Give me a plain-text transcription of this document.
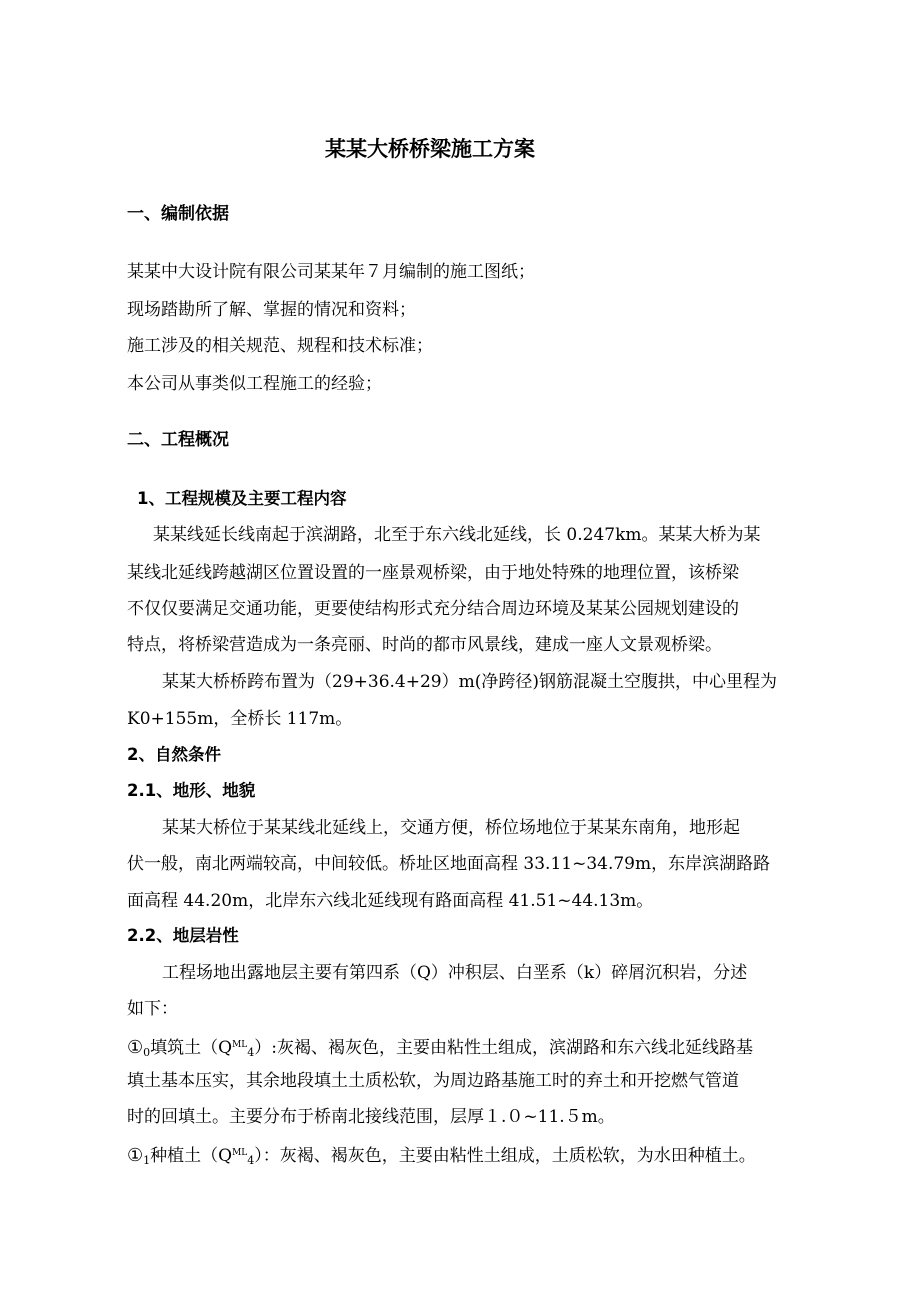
某某大桥桥梁施工方案
一、编制依据
某某中大设计院有限公司某某年７月编制的施工图纸；
现场踏勘所了解、掌握的情况和资料；
施工涉及的相关规范、规程和技术标准；
本公司从事类似工程施工的经验；
二、工程概况
1、工程规模及主要工程内容
某某线延长线南起于滨湖路，北至于东六线北延线，长 0.247km。某某大桥为某
某线北延线跨越湖区位置设置的一座景观桥梁，由于地处特殊的地理位置，该桥梁
不仅仅要满足交通功能，更要使结构形式充分结合周边环境及某某公园规划建设的
特点，将桥梁营造成为一条亮丽、时尚的都市风景线，建成一座人文景观桥梁。
某某大桥桥跨布置为（29+36.4+29）m(净跨径)钢筋混凝土空腹拱，中心里程为
K0+155m，全桥长 117m。
2、自然条件
2.1、地形、地貌
某某大桥位于某某线北延线上，交通方便，桥位场地位于某某东南角，地形起
伏一般，南北两端较高，中间较低。桥址区地面高程 33.11~34.79m，东岸滨湖路路
面高程 44.20m，北岸东六线北延线现有路面高程 41.51~44.13m。
2.2、地层岩性
工程场地出露地层主要有第四系（Q）冲积层、白垩系（k）碎屑沉积岩，分述
如下：
$①_0$填筑土$(Q^{ML}_4)$:灰褐、褐灰色，主要由粘性土组成，滨湖路和东六线北延线路基
填土基本压实，其余地段填土土质松软，为周边路基施工时的弃土和开挖燃气管道
时的回填土。主要分布于桥南北接线范围，层厚１.０~11.５m。
$①_1$种植土$(Q^{ML}_4)$：灰褐、褐灰色，主要由粘性土组成，土质松软，为水田种植土。
